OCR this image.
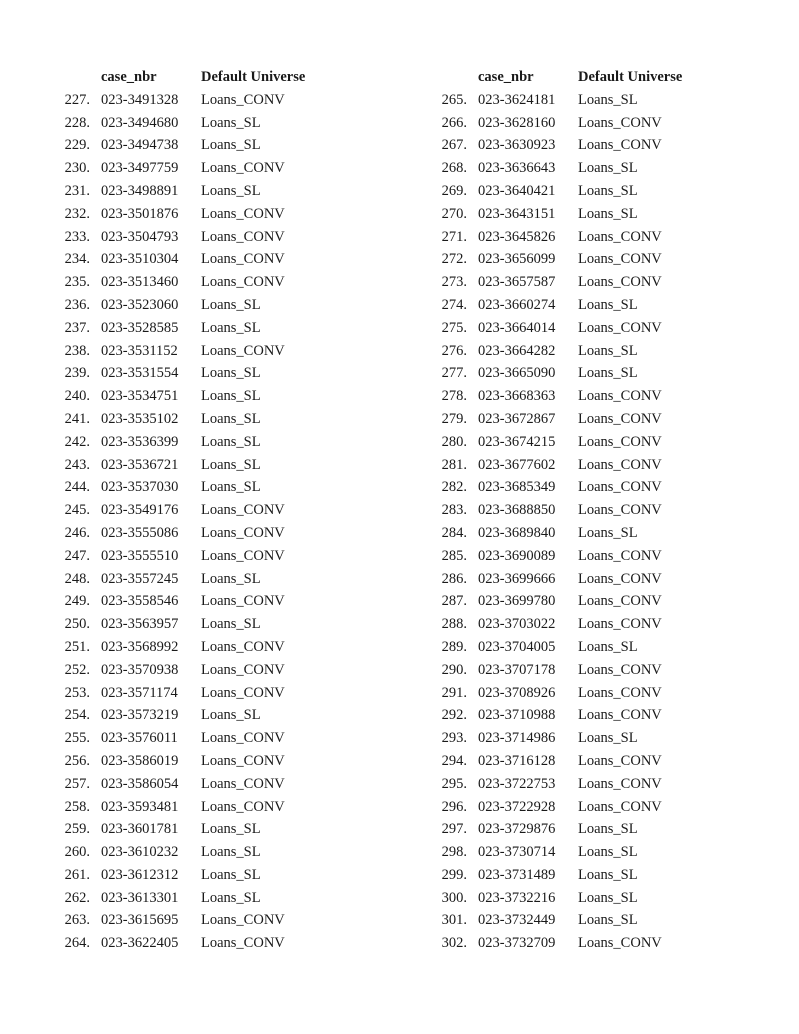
case_nbr	Default Universe
227. 023-3491328	Loans_CONV
228. 023-3494680	Loans_SL
229. 023-3494738	Loans_SL
230. 023-3497759	Loans_CONV
231. 023-3498891	Loans_SL
232. 023-3501876	Loans_CONV
233. 023-3504793	Loans_CONV
234. 023-3510304	Loans_CONV
235. 023-3513460	Loans_CONV
236. 023-3523060	Loans_SL
237. 023-3528585	Loans_SL
238. 023-3531152	Loans_CONV
239. 023-3531554	Loans_SL
240. 023-3534751	Loans_SL
241. 023-3535102	Loans_SL
242. 023-3536399	Loans_SL
243. 023-3536721	Loans_SL
244. 023-3537030	Loans_SL
245. 023-3549176	Loans_CONV
246. 023-3555086	Loans_CONV
247. 023-3555510	Loans_CONV
248. 023-3557245	Loans_SL
249. 023-3558546	Loans_CONV
250. 023-3563957	Loans_SL
251. 023-3568992	Loans_CONV
252. 023-3570938	Loans_CONV
253. 023-3571174	Loans_CONV
254. 023-3573219	Loans_SL
255. 023-3576011	Loans_CONV
256. 023-3586019	Loans_CONV
257. 023-3586054	Loans_CONV
258. 023-3593481	Loans_CONV
259. 023-3601781	Loans_SL
260. 023-3610232	Loans_SL
261. 023-3612312	Loans_SL
262. 023-3613301	Loans_SL
263. 023-3615695	Loans_CONV
264. 023-3622405	Loans_CONV
case_nbr	Default Universe
265. 023-3624181	Loans_SL
266. 023-3628160	Loans_CONV
267. 023-3630923	Loans_CONV
268. 023-3636643	Loans_SL
269. 023-3640421	Loans_SL
270. 023-3643151	Loans_SL
271. 023-3645826	Loans_CONV
272. 023-3656099	Loans_CONV
273. 023-3657587	Loans_CONV
274. 023-3660274	Loans_SL
275. 023-3664014	Loans_CONV
276. 023-3664282	Loans_SL
277. 023-3665090	Loans_SL
278. 023-3668363	Loans_CONV
279. 023-3672867	Loans_CONV
280. 023-3674215	Loans_CONV
281. 023-3677602	Loans_CONV
282. 023-3685349	Loans_CONV
283. 023-3688850	Loans_CONV
284. 023-3689840	Loans_SL
285. 023-3690089	Loans_CONV
286. 023-3699666	Loans_CONV
287. 023-3699780	Loans_CONV
288. 023-3703022	Loans_CONV
289. 023-3704005	Loans_SL
290. 023-3707178	Loans_CONV
291. 023-3708926	Loans_CONV
292. 023-3710988	Loans_CONV
293. 023-3714986	Loans_SL
294. 023-3716128	Loans_CONV
295. 023-3722753	Loans_CONV
296. 023-3722928	Loans_CONV
297. 023-3729876	Loans_SL
298. 023-3730714	Loans_SL
299. 023-3731489	Loans_SL
300. 023-3732216	Loans_SL
301. 023-3732449	Loans_SL
302. 023-3732709	Loans_CONV
